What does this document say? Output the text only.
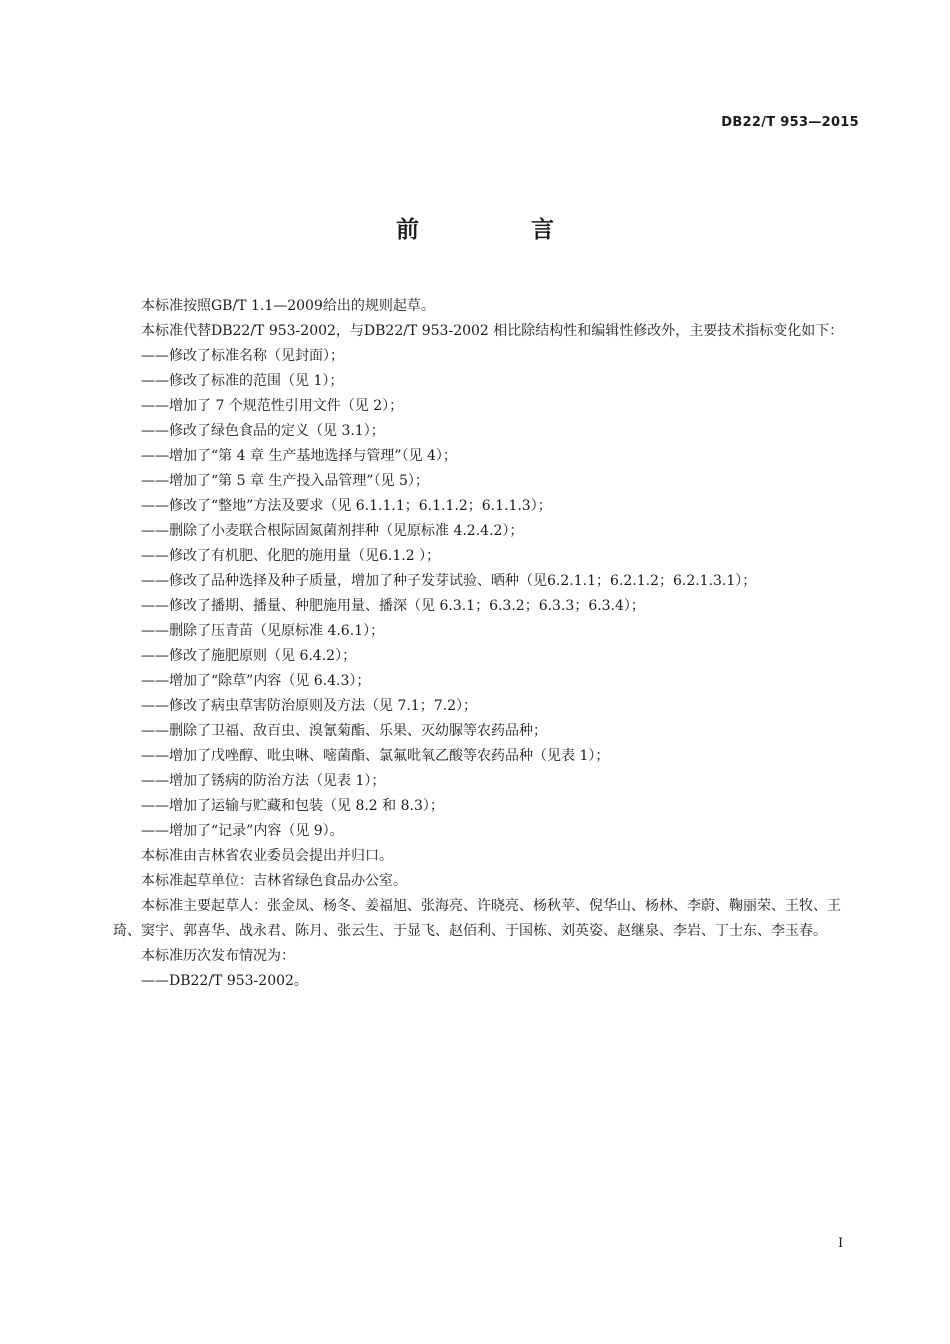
DB22/T 953—2015
前 言

本标准按照GB/T 1.1—2009给出的规则起草。

本标准代替DB22/T 953-2002，与DB22/T 953-2002 相比除结构性和编辑性修改外，主要技术指标变化如下：

——修改了标准名称（见封面）；
——修改了标准的范围（见 1）；
——增加了 7 个规范性引用文件（见 2）；
——修改了绿色食品的定义（见 3.1）；
——增加了“第 4 章 生产基地选择与管理”（见 4）；
——增加了“第 5 章 生产投入品管理”（见 5）；
——修改了“整地”方法及要求（见 6.1.1.1；6.1.1.2；6.1.1.3）；
——删除了小麦联合根际固氮菌剂拌种（见原标准 4.2.4.2）；
——修改了有机肥、化肥的施用量（见6.1.2 ）；
——修改了品种选择及种子质量，增加了种子发芽试验、晒种（见6.2.1.1；6.2.1.2；6.2.1.3.1）；
——修改了播期、播量、种肥施用量、播深（见 6.3.1；6.3.2；6.3.3；6.3.4）；
——删除了压青苗（见原标准 4.6.1）；
——修改了施肥原则（见 6.4.2）；
——增加了“除草”内容（见 6.4.3）；
——修改了病虫草害防治原则及方法（见 7.1；7.2）；
——删除了卫福、敌百虫、溴氰菊酯、乐果、灭幼脲等农药品种；
——增加了戊唑醇、吡虫啉、嘧菌酯、氯氟吡氧乙酸等农药品种（见表 1）；
——增加了锈病的防治方法（见表 1）；
——增加了运输与贮藏和包装（见 8.2 和 8.3）；
——增加了“记录”内容（见 9）。

本标准由吉林省农业委员会提出并归口。

本标准起草单位：吉林省绿色食品办公室。

本标准主要起草人：张金凤、杨冬、姜福旭、张海亮、许晓亮、杨秋苹、倪华山、杨林、李蔚、鞠丽荣、王牧、王琦、窦宇、郭喜华、战永君、陈月、张云生、于显飞、赵佰利、于国栋、刘英姿、赵继泉、李岩、丁士东、李玉春。

本标准历次发布情况为：

——DB22/T 953-2002。
I
